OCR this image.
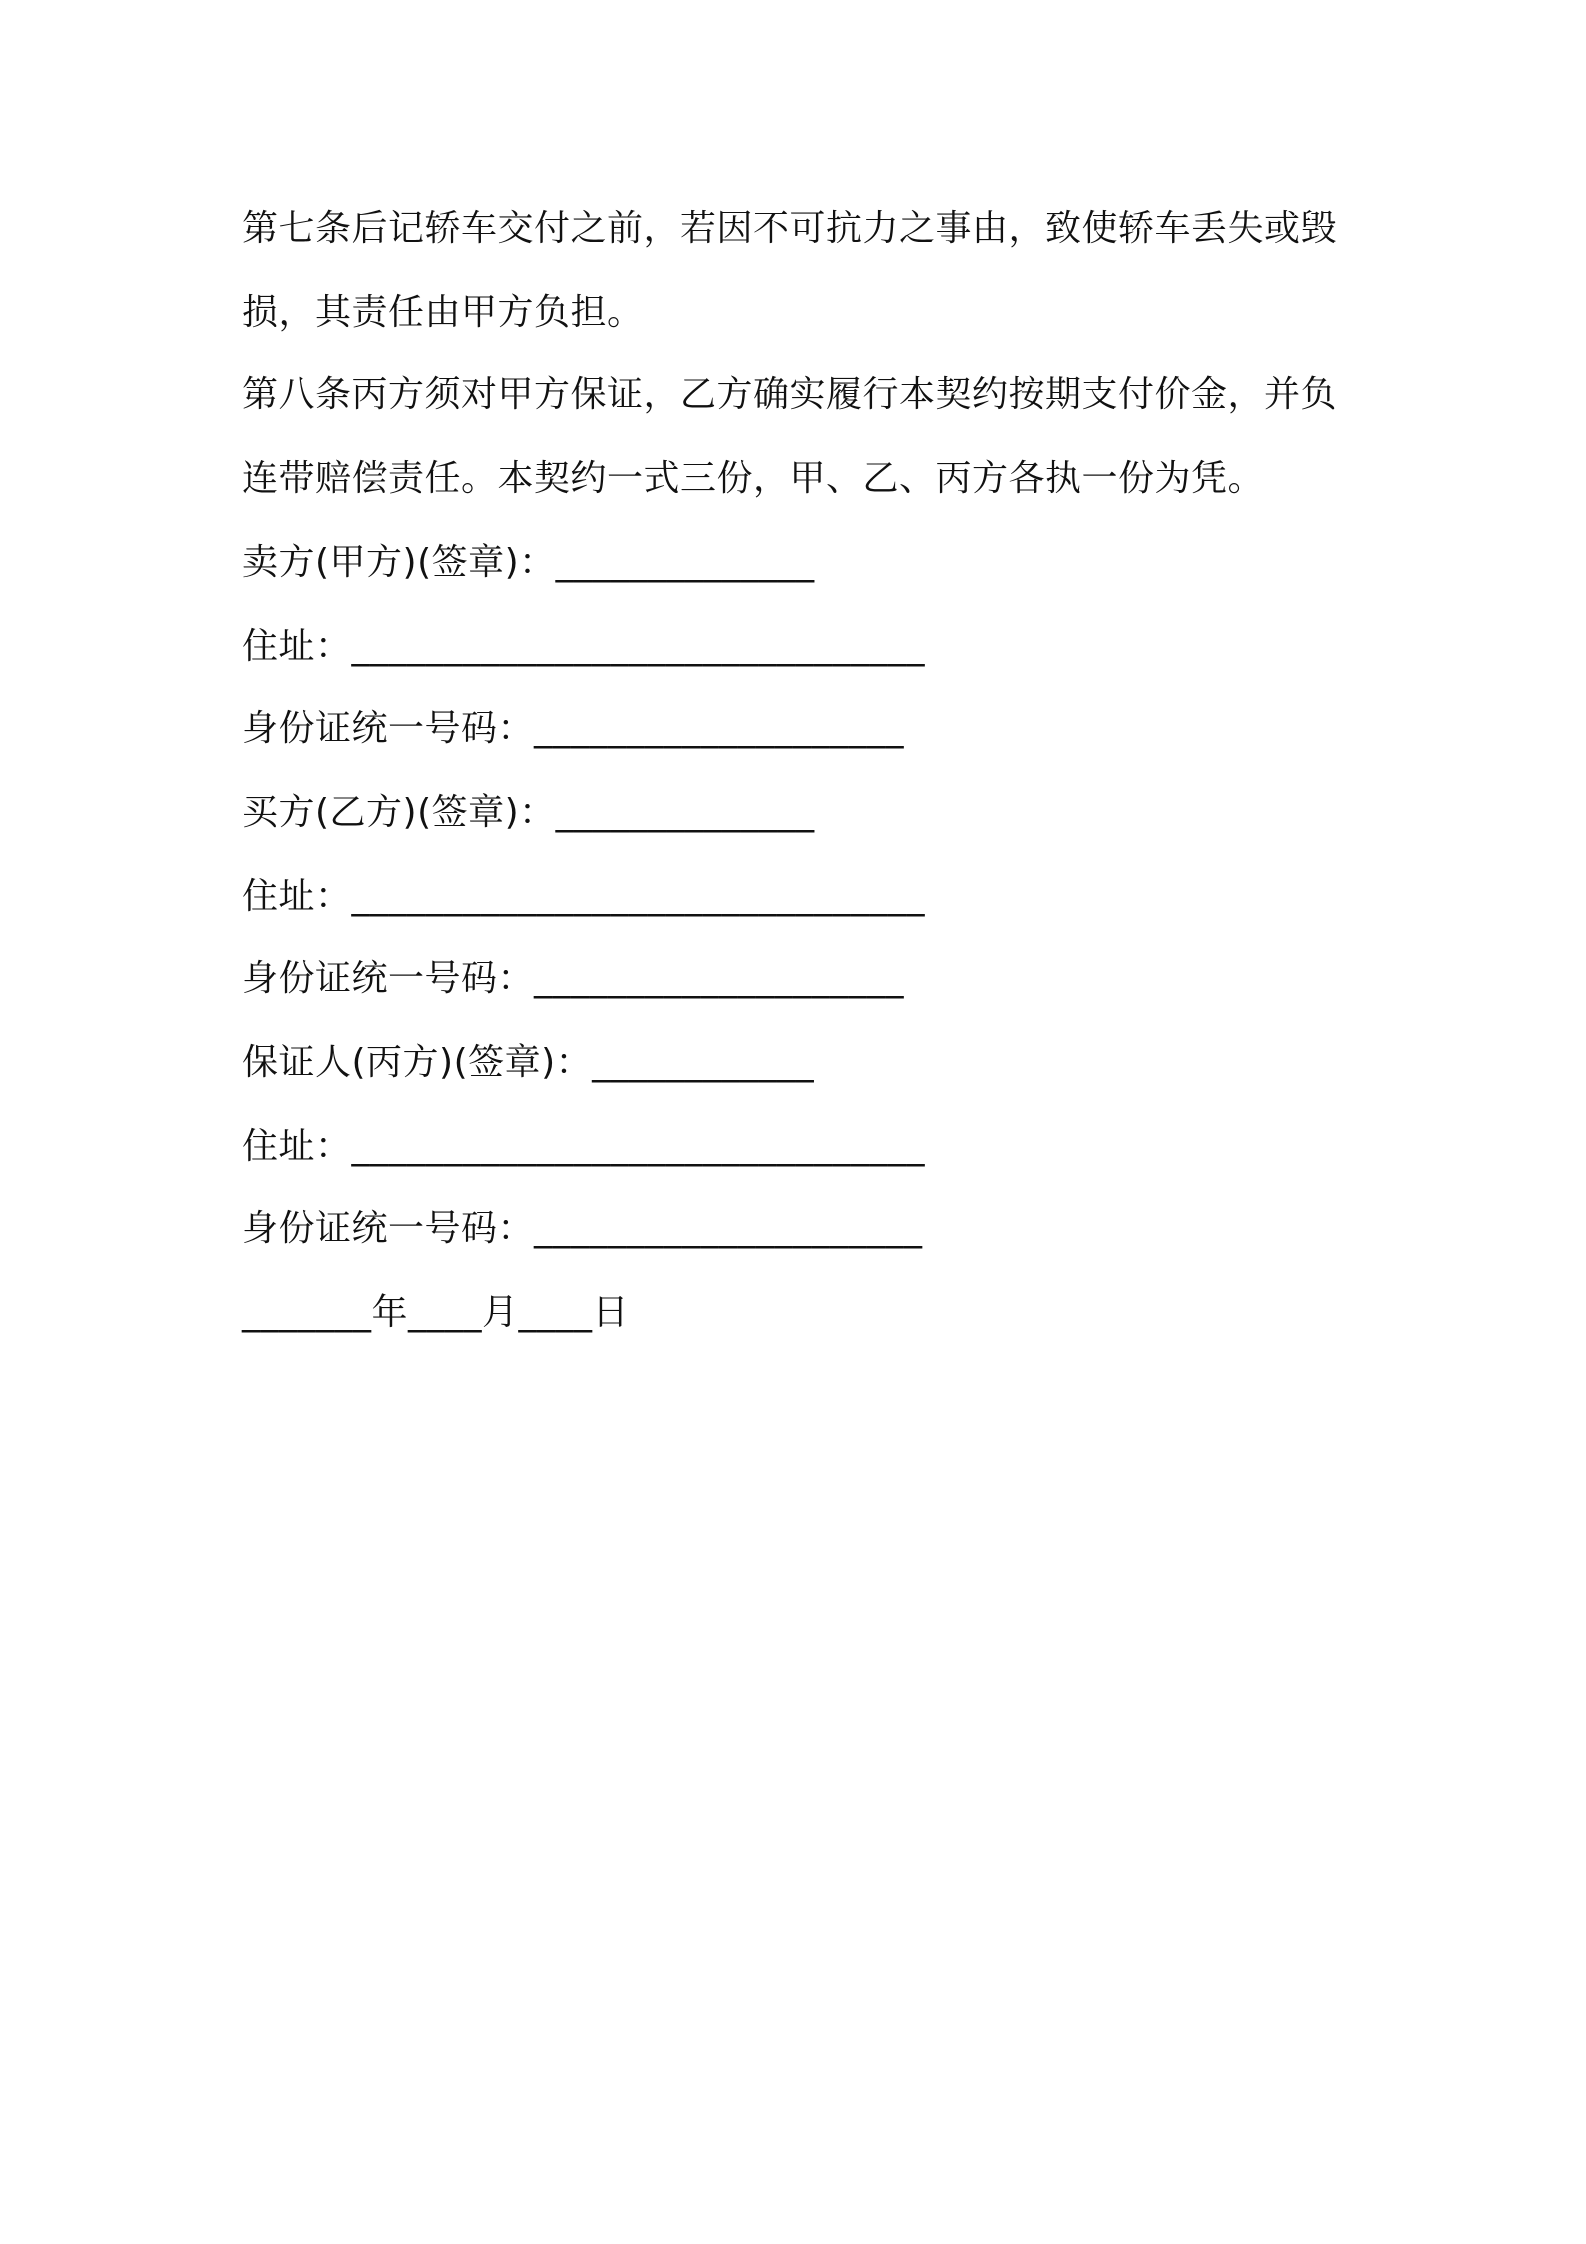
第七条后记轿车交付之前，若因不可抗力之事由，致使轿车丢失或毁
损，其责任由甲方负担。
第八条丙方须对甲方保证，乙方确实履行本契约按期支付价金，并负
连带赔偿责任。本契约一式三份，甲、乙、丙方各执一份为凭。
卖方(甲方)(签章)：______________
住址：_______________________________
身份证统一号码：____________________
买方(乙方)(签章)：______________
住址：_______________________________
身份证统一号码：____________________
保证人(丙方)(签章)：____________
住址：_______________________________
身份证统一号码：_____________________
_______年____月____日
